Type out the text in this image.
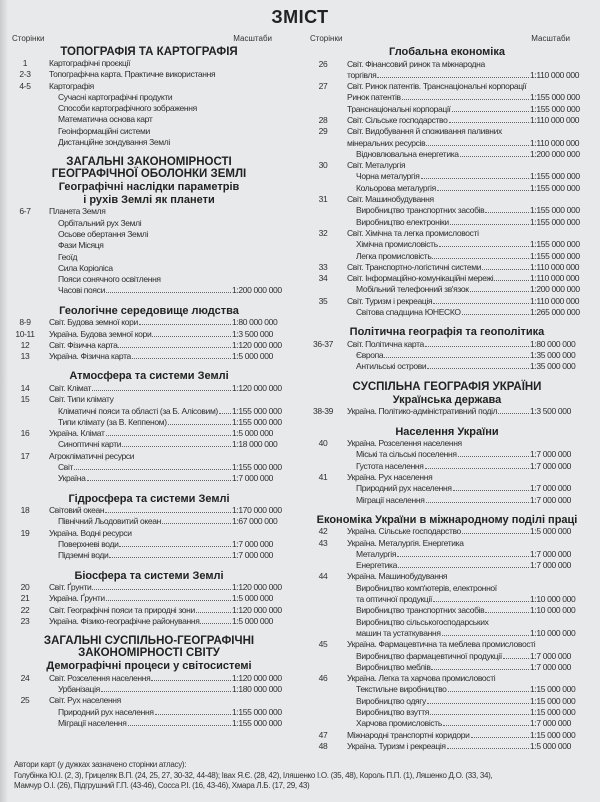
ЗМІСТ
Сторінки	Масштаби
ТОПОГРАФІЯ ТА КАРТОГРАФІЯ
1	Картографічні проєкції
2-3	Топографічна карта. Практичне використання
4-5	Картографія
Сучасні картографічні продукти
Способи картографічного зображення
Математична основа карт
Геоінформаційні системи
Дистанційне зондування Землі
ЗАГАЛЬНІ ЗАКОНОМІРНОСТІ
ГЕОГРАФІЧНОЇ ОБОЛОНКИ ЗЕМЛІ
Географічні наслідки параметрів
і рухів Землі як планети
6-7	Планета Земля
Орбітальний рух Землі
Осьове обертання Землі
Фази Місяця
Геоїд
Сила Коріоліса
Пояси сонячного освітлення
Часові пояси	1:200 000 000
Геологічне середовище людства
8-9	Світ. Будова земної кори	1:80 000 000
10-11	Україна. Будова земної кори	1:3 500 000
12	Світ. Фізична карта	1:120 000 000
13	Україна. Фізична карта	1:5 000 000
Атмосфера та системи Землі
14	Світ. Клімат	1:120 000 000
15	Світ. Типи клімату
Кліматичні пояси та області (за Б. Алісовим) 1:155 000 000
Типи клімату (за В. Кеппеном)	1:155 000 000
16	Україна. Клімат	1:5 000 000
Синоптичні карти	1:18 000 000
17	Агрокліматичні ресурси
Світ	1:155 000 000
Україна	1:7 000 000
Гідросфера та системи Землі
18	Світовий океан	1:170 000 000
Північний Льодовитий океан	1:67 000 000
19	Україна. Водні ресурси
Поверхневі води	1:7 000 000
Підземні води	1:7 000 000
Біосфера та системи Землі
20	Світ. Ґрунти	1:120 000 000
21	Україна. Ґрунти	1:5 000 000
22	Світ. Географічні пояси та природні зони	1:120 000 000
23	Україна. Фізико-географічне районування	1:5 000 000
ЗАГАЛЬНІ СУСПІЛЬНО-ГЕОГРАФІЧНІ
ЗАКОНОМІРНОСТІ СВІТУ
Демографічні процеси у світосистемі
24	Світ. Розселення населення	1:120 000 000
Урбанізація	1:180 000 000
25	Світ. Рух населення
Природний рух населення	1:155 000 000
Міграції населення	1:155 000 000
Сторінки	Масштаби
Глобальна економіка
26	Світ. Фінансовий ринок та міжнародна
торгівля	1:110 000 000
27	Світ. Ринок патентів. Транснаціональні корпорації
Ринок патентів	1:155 000 000
Транснаціональні корпорації	1:155 000 000
28	Світ. Сільське господарство	1:110 000 000
29	Світ. Видобування й споживання паливних
мінеральних ресурсів	1:110 000 000
Відновлювальна енергетика	1:200 000 000
30	Світ. Металургія
Чорна металургія	1:155 000 000
Кольорова металургія	1:155 000 000
31	Світ. Машинобудування
Виробництво транспортних засобів	1:155 000 000
Виробництво електроніки	1:155 000 000
32	Світ. Хімічна та легка промисловості
Хімічна промисловість	1:155 000 000
Легка промисловість	1:155 000 000
33	Світ. Транспортно-логістичні системи	1:110 000 000
34	Світ. Інформаційно-комунікаційні мережі	1:110 000 000
Мобільний телефонний зв'язок	1:200 000 000
35	Світ. Туризм і рекреація	1:110 000 000
Світова спадщина ЮНЕСКО	1:265 000 000
Політична географія та геополітика
36-37	Світ. Політична карта	1:80 000 000
Європа	1:35 000 000
Антильські острови	1:35 000 000
СУСПІЛЬНА ГЕОГРАФІЯ УКРАЇНИ
Українська держава
38-39	Україна. Політико-адміністративний поділ	1:3 500 000
Населення України
40	Україна. Розселення населення
Міські та сільські поселення	1:7 000 000
Густота населення	1:7 000 000
41	Україна. Рух населення
Природний рух населення	1:7 000 000
Міграції населення	1:7 000 000
Економіка України в міжнародному поділі праці
42	Україна. Сільське господарство	1:5 000 000
43	Україна. Металургія. Енергетика
Металургія	1:7 000 000
Енергетика	1:7 000 000
44	Україна. Машинобудування
Виробництво комп'ютерів, електронної
та оптичної продукції	1:10 000 000
Виробництво транспортних засобів	1:10 000 000
Виробництво сільськогосподарських
машин та устаткування	1:10 000 000
45	Україна. Фармацевтична та меблева промисловості
Виробництво фармацевтичної продукції	1:7 000 000
Виробництво меблів	1:7 000 000
46	Україна. Легка та харчова промисловості
Текстильне виробництво	1:15 000 000
Виробництво одягу	1:15 000 000
Виробництво взуття	1:15 000 000
Харчова промисловість	1:7 000 000
47	Міжнародні транспортні коридори	1:15 000 000
48	Україна. Туризм і рекреація	1:5 000 000
Автори карт (у дужках зазначено сторінки атласу):
Голубінка Ю.І. (2, 3), Грицеляк В.П. (24, 25, 27, 30-32, 44-48); Івах Я.Є. (28, 42), Іляшенко І.О. (35, 48), Король П.П. (1), Ляшенко Д.О. (33, 34),
Мамчур О.І. (26), Підгрушний Г.П. (43-46), Сосса Р.І. (16, 43-46), Хмара Л.Б. (17, 29, 43)
